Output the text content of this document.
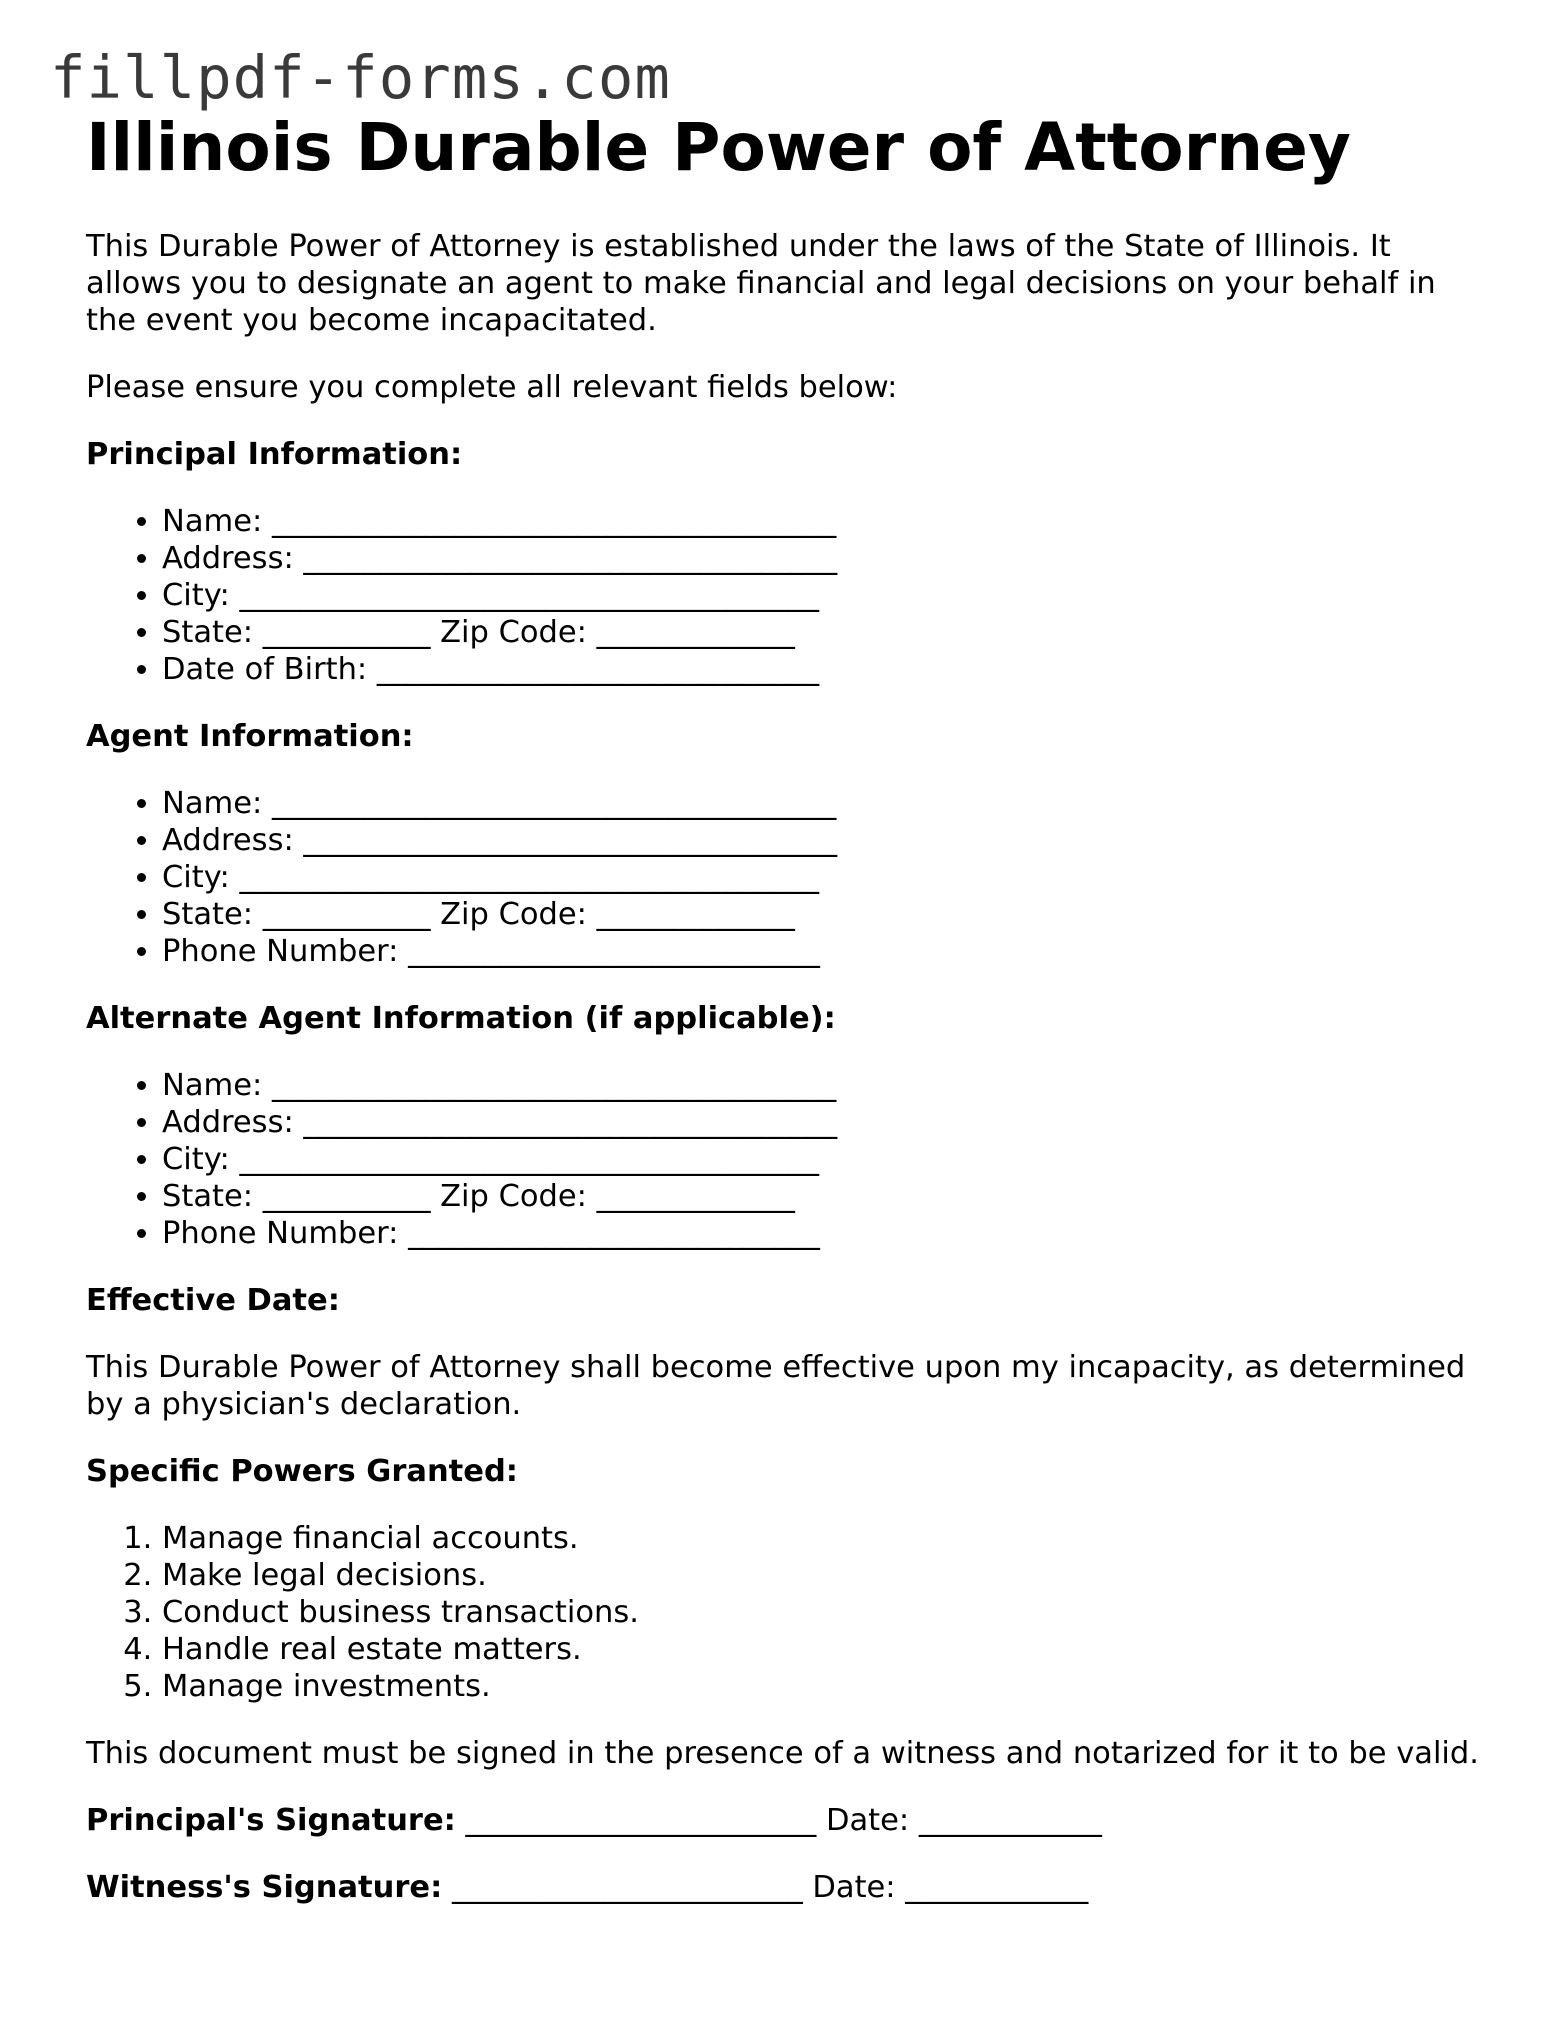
fillpdf-forms.com
Illinois Durable Power of Attorney

This Durable Power of Attorney is established under the laws of the State of Illinois. It allows you to designate an agent to make financial and legal decisions on your behalf in the event you become incapacitated.

Please ensure you complete all relevant fields below:

Principal Information:

• Name: _____________________________________
• Address: ___________________________________
• City: ______________________________________
• State: ___________ Zip Code: _____________
• Date of Birth: _____________________________

Agent Information:

• Name: _____________________________________
• Address: ___________________________________
• City: ______________________________________
• State: ___________ Zip Code: _____________
• Phone Number: ___________________________

Alternate Agent Information (if applicable):

• Name: _____________________________________
• Address: ___________________________________
• City: ______________________________________
• State: ___________ Zip Code: _____________
• Phone Number: ___________________________

Effective Date:

This Durable Power of Attorney shall become effective upon my incapacity, as determined by a physician's declaration.

Specific Powers Granted:

1. Manage financial accounts.
2. Make legal decisions.
3. Conduct business transactions.
4. Handle real estate matters.
5. Manage investments.

This document must be signed in the presence of a witness and notarized for it to be valid.

Principal's Signature: _______________________ Date: ____________

Witness's Signature: _______________________ Date: ____________
